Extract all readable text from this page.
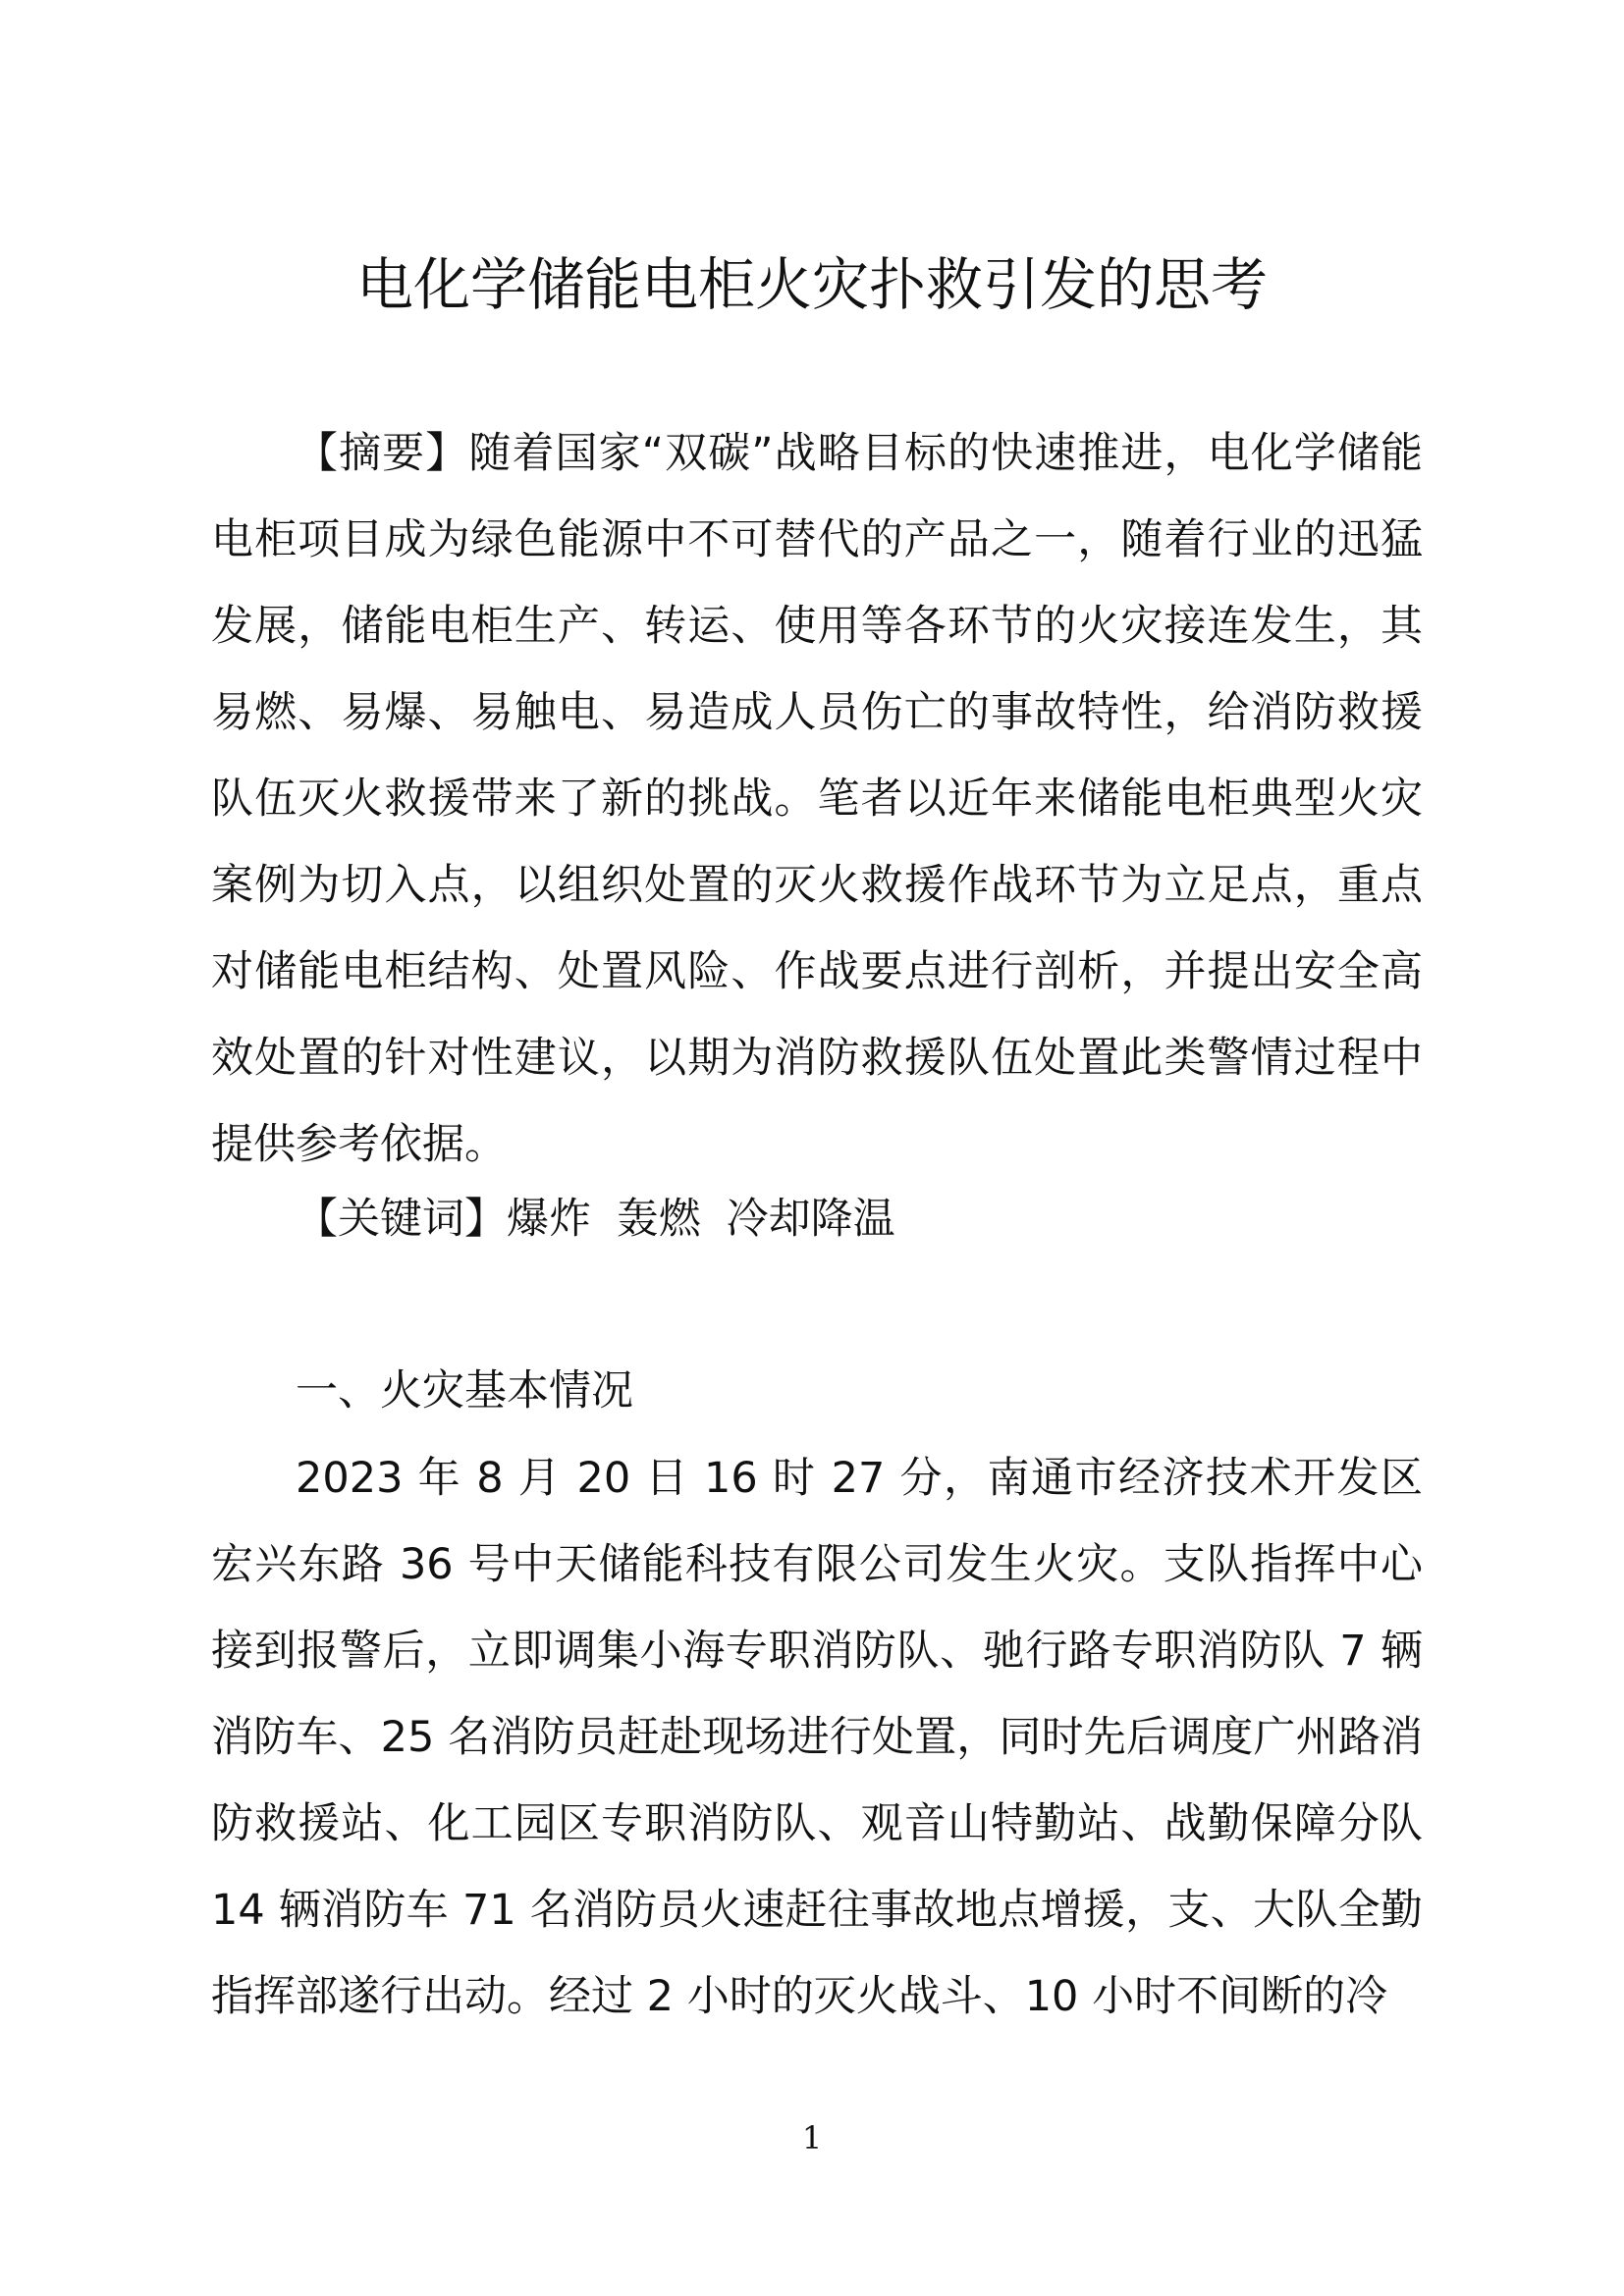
电化学储能电柜火灾扑救引发的思考

【摘要】随着国家“双碳”战略目标的快速推进，电化学储能电柜项目成为绿色能源中不可替代的产品之一，随着行业的迅猛发展，储能电柜生产、转运、使用等各环节的火灾接连发生，其易燃、易爆、易触电、易造成人员伤亡的事故特性，给消防救援队伍灭火救援带来了新的挑战。笔者以近年来储能电柜典型火灾案例为切入点，以组织处置的灭火救援作战环节为立足点，重点对储能电柜结构、处置风险、作战要点进行剖析，并提出安全高效处置的针对性建议，以期为消防救援队伍处置此类警情过程中提供参考依据。

【关键词】爆炸 轰燃 冷却降温
一、火灾基本情况

2023 年 8 月 20 日 16 时 27 分，南通市经济技术开发区宏兴东路 36 号中天储能科技有限公司发生火灾。支队指挥中心接到报警后，立即调集小海专职消防队、驰行路专职消防队 7 辆消防车、25 名消防员赶赴现场进行处置，同时先后调度广州路消防救援站、化工园区专职消防队、观音山特勤站、战勤保障分队 14 辆消防车 71 名消防员火速赶往事故地点增援，支、大队全勤指挥部遂行出动。经过 2 小时的灭火战斗、10 小时不间断的冷

1
